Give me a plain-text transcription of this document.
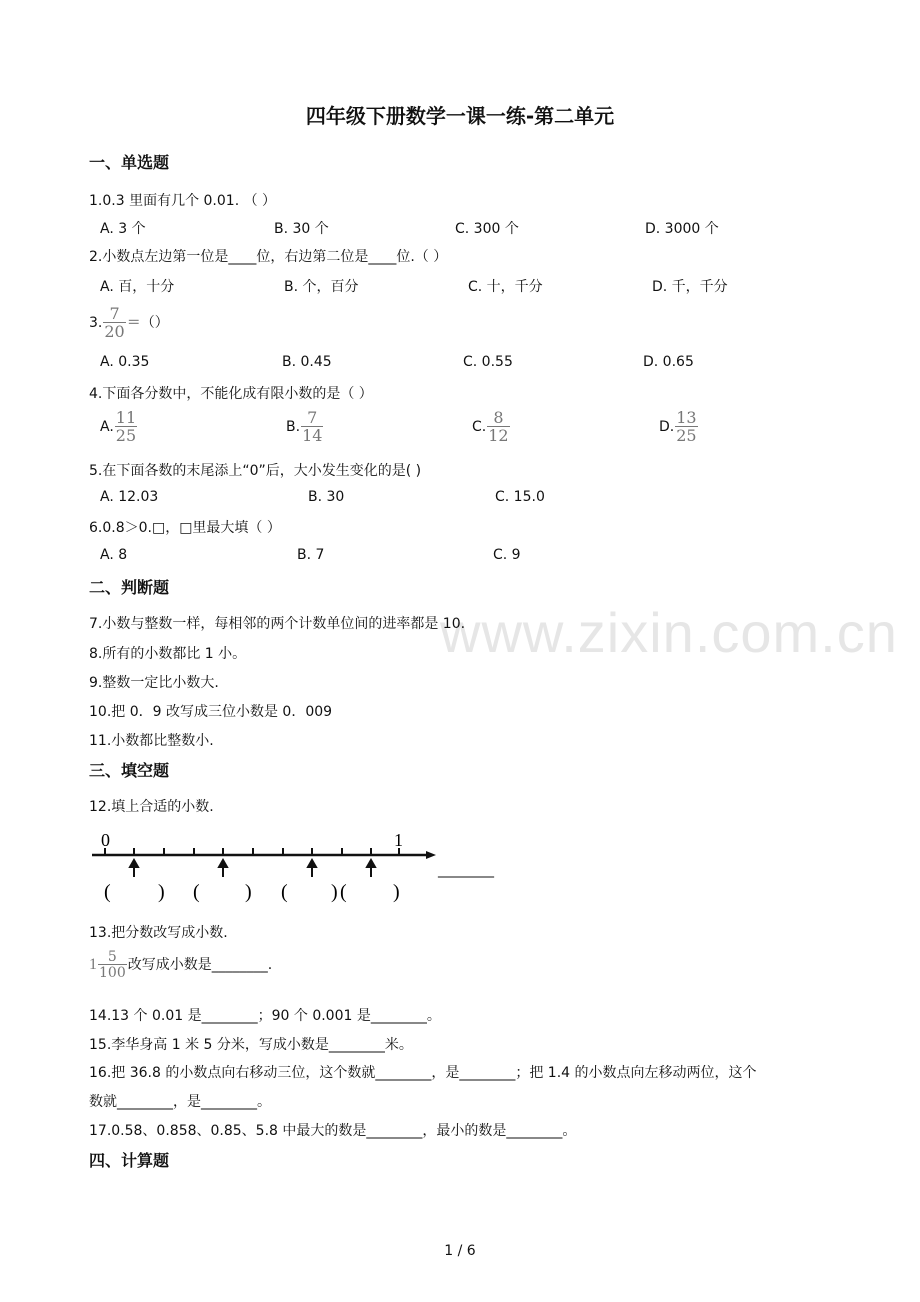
www.zixin.com.cn
四年级下册数学一课一练-第二单元
一、单选题
1.0.3 里面有几个 0.01. （ ）
A. 3 个	B. 30 个	C. 300 个	D. 3000 个
2.小数点左边第一位是____位，右边第二位是____位.（ ）
A. 百，十分	B. 个，百分	C. 十，千分	D. 千，千分
3. $\frac{7}{20}$ ＝（）
A. 0.35	B. 0.45	C. 0.55	D. 0.65
4.下面各分数中，不能化成有限小数的是（ ）
A. $\frac{11}{25}$	B. $\frac{7}{14}$	C. $\frac{8}{12}$	D. $\frac{13}{25}$
5.在下面各数的末尾添上“0”后，大小发生变化的是( )
A. 12.03	B. 30	C. 15.0
6.0.8＞0.□，□里最大填（ ）
A. 8	B. 7	C. 9
二、判断题
7.小数与整数一样，每相邻的两个计数单位间的进率都是 10.
8.所有的小数都比 1 小。
9.整数一定比小数大.
10.把 0．9 改写成三位小数是 0．009
11.小数都比整数小.
三、填空题
12.填上合适的小数.
0	1
( ) ( ) ( ) ( )
________
13.把分数改写成小数.
$1 \frac{5}{100}$ 改写成小数是________.
14.13 个 0.01 是________；90 个 0.001 是________。
15.李华身高 1 米 5 分米，写成小数是________米。
16.把 36.8 的小数点向右移动三位，这个数就________，是________；把 1.4 的小数点向左移动两位，这个
数就________，是________。
17.0.58、0.858、0.85、5.8 中最大的数是________，最小的数是________。
四、计算题
1 / 6
